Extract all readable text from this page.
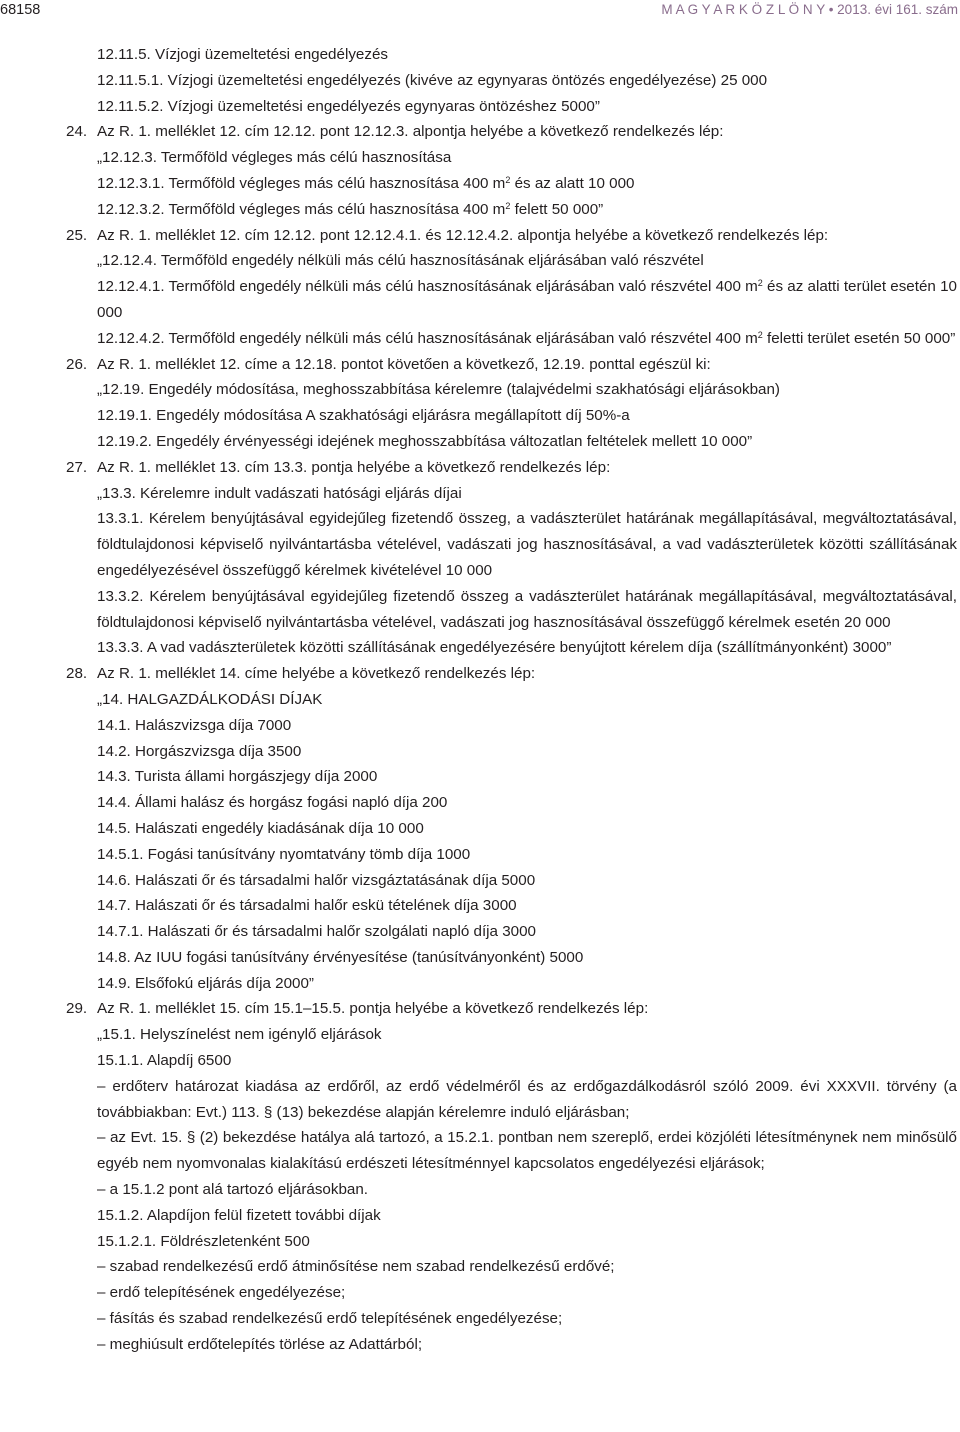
68158	M A G Y A R K Ö Z L Ö N Y • 2013. évi 161. szám
12.11.5. Vízjogi üzemeltetési engedélyezés
12.11.5.1. Vízjogi üzemeltetési engedélyezés (kivéve az egynyaras öntözés engedélyezése) 25 000
12.11.5.2. Vízjogi üzemeltetési engedélyezés egynyaras öntözéshez 5000”
24. Az R. 1. melléklet 12. cím 12.12. pont 12.12.3. alpontja helyébe a következő rendelkezés lép:
„12.12.3. Termőföld végleges más célú hasznosítása
12.12.3.1. Termőföld végleges más célú hasznosítása 400 $m^2$ és az alatt 10 000
12.12.3.2. Termőföld végleges más célú hasznosítása 400 $m^2$ felett 50 000”
25. Az R. 1. melléklet 12. cím 12.12. pont 12.12.4.1. és 12.12.4.2. alpontja helyébe a következő rendelkezés lép:
„12.12.4. Termőföld engedély nélküli más célú hasznosításának eljárásában való részvétel
12.12.4.1. Termőföld engedély nélküli más célú hasznosításának eljárásában való részvétel 400 $m^2$ és az alatti terület esetén 10 000
12.12.4.2. Termőföld engedély nélküli más célú hasznosításának eljárásában való részvétel 400 $m^2$ feletti terület esetén 50 000”
26. Az R. 1. melléklet 12. címe a 12.18. pontot követően a következő, 12.19. ponttal egészül ki:
„12.19. Engedély módosítása, meghosszabbítása kérelemre (talajvédelmi szakhatósági eljárásokban)
12.19.1. Engedély módosítása A szakhatósági eljárásra megállapított díj 50%-a
12.19.2. Engedély érvényességi idejének meghosszabbítása változatlan feltételek mellett 10 000”
27. Az R. 1. melléklet 13. cím 13.3. pontja helyébe a következő rendelkezés lép:
„13.3. Kérelemre indult vadászati hatósági eljárás díjai
13.3.1. Kérelem benyújtásával egyidejűleg fizetendő összeg, a vadászterület határának megállapításával, megváltoztatásával, földtulajdonosi képviselő nyilvántartásba vételével, vadászati jog hasznosításával, a vad vadászterületek közötti szállításának engedélyezésével összefüggő kérelmek kivételével 10 000
13.3.2. Kérelem benyújtásával egyidejűleg fizetendő összeg a vadászterület határának megállapításával, megváltoztatásával, földtulajdonosi képviselő nyilvántartásba vételével, vadászati jog hasznosításával összefüggő kérelmek esetén 20 000
13.3.3. A vad vadászterületek közötti szállításának engedélyezésére benyújtott kérelem díja (szállítmányonként) 3000”
28. Az R. 1. melléklet 14. címe helyébe a következő rendelkezés lép:
„14. HALGAZDÁLKODÁSI DÍJAK
14.1. Halászvizsga díja 7000
14.2. Horgászvizsga díja 3500
14.3. Turista állami horgászjegy díja 2000
14.4. Állami halász és horgász fogási napló díja 200
14.5. Halászati engedély kiadásának díja 10 000
14.5.1. Fogási tanúsítvány nyomtatvány tömb díja 1000
14.6. Halászati őr és társadalmi halőr vizsgáztatásának díja 5000
14.7. Halászati őr és társadalmi halőr eskü tételének díja 3000
14.7.1. Halászati őr és társadalmi halőr szolgálati napló díja 3000
14.8. Az IUU fogási tanúsítvány érvényesítése (tanúsítványonként) 5000
14.9. Elsőfokú eljárás díja 2000”
29. Az R. 1. melléklet 15. cím 15.1–15.5. pontja helyébe a következő rendelkezés lép:
„15.1. Helyszínelést nem igénylő eljárások
15.1.1. Alapdíj 6500
– erdőterv határozat kiadása az erdőről, az erdő védelméről és az erdőgazdálkodásról szóló 2009. évi XXXVII. törvény (a továbbiakban: Evt.) 113. § (13) bekezdése alapján kérelemre induló eljárásban;
– az Evt. 15. § (2) bekezdése hatálya alá tartozó, a 15.2.1. pontban nem szereplő, erdei közjóléti létesítménynek nem minősülő egyéb nem nyomvonalas kialakítású erdészeti létesítménnyel kapcsolatos engedélyezési eljárások;
– a 15.1.2 pont alá tartozó eljárásokban.
15.1.2. Alapdíjon felül fizetett további díjak
15.1.2.1. Földrészletenként 500
– szabad rendelkezésű erdő átminősítése nem szabad rendelkezésű erdővé;
– erdő telepítésének engedélyezése;
– fásítás és szabad rendelkezésű erdő telepítésének engedélyezése;
– meghiúsult erdőtelepítés törlése az Adattárból;
